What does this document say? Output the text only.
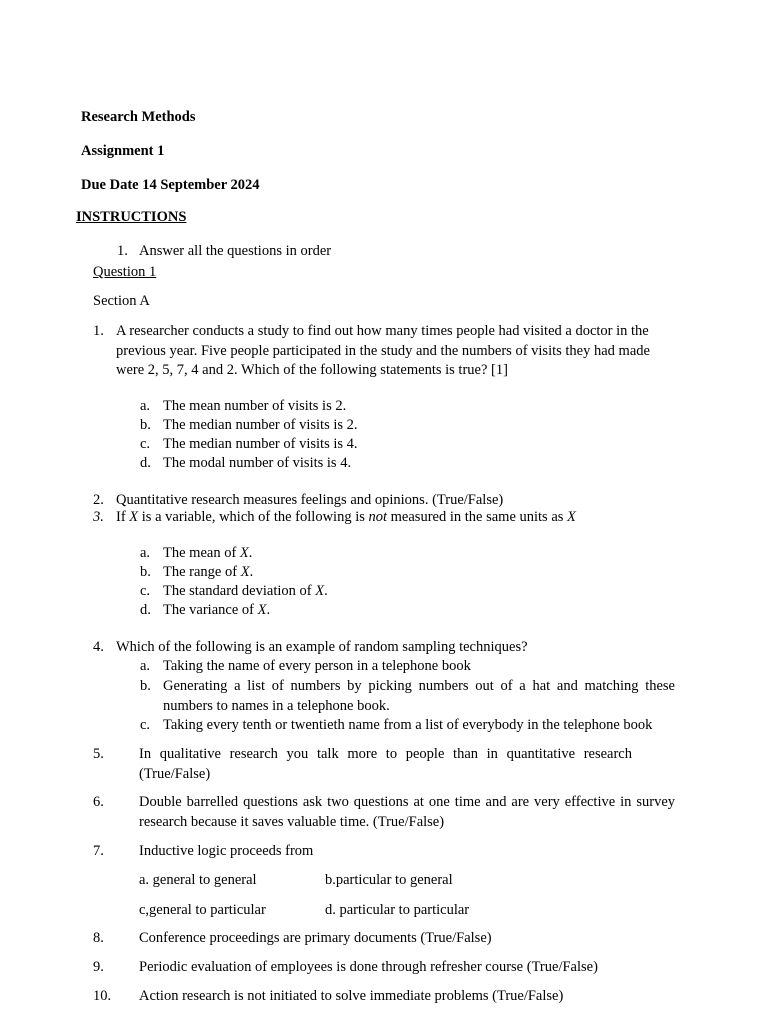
Research Methods
Assignment 1
Due Date 14 September 2024
INSTRUCTIONS
1. Answer all the questions in order
Question 1
Section A
1. A researcher conducts a study to find out how many times people had visited a doctor in the previous year. Five people participated in the study and the numbers of visits they had made were 2, 5, 7, 4 and 2. Which of the following statements is true? [1]
a. The mean number of visits is 2.
b. The median number of visits is 2.
c. The median number of visits is 4.
d. The modal number of visits is 4.
2. Quantitative research measures feelings and opinions. (True/False)
3. If X is a variable, which of the following is not measured in the same units as X
a. The mean of X.
b. The range of X.
c. The standard deviation of X.
d. The variance of X.
4. Which of the following is an example of random sampling techniques?
a. Taking the name of every person in a telephone book
b. Generating a list of numbers by picking numbers out of a hat and matching these numbers to names in a telephone book.
c. Taking every tenth or twentieth name from a list of everybody in the telephone book
5. In qualitative research you talk more to people than in quantitative research (True/False)
6. Double barrelled questions ask two questions at one time and are very effective in survey research because it saves valuable time. (True/False)
7. Inductive logic proceeds from
a. general to general	b.particular to general
c,general to particular	d. particular to particular
8. Conference proceedings are primary documents (True/False)
9. Periodic evaluation of employees is done through refresher course (True/False)
10. Action research is not initiated to solve immediate problems (True/False)
